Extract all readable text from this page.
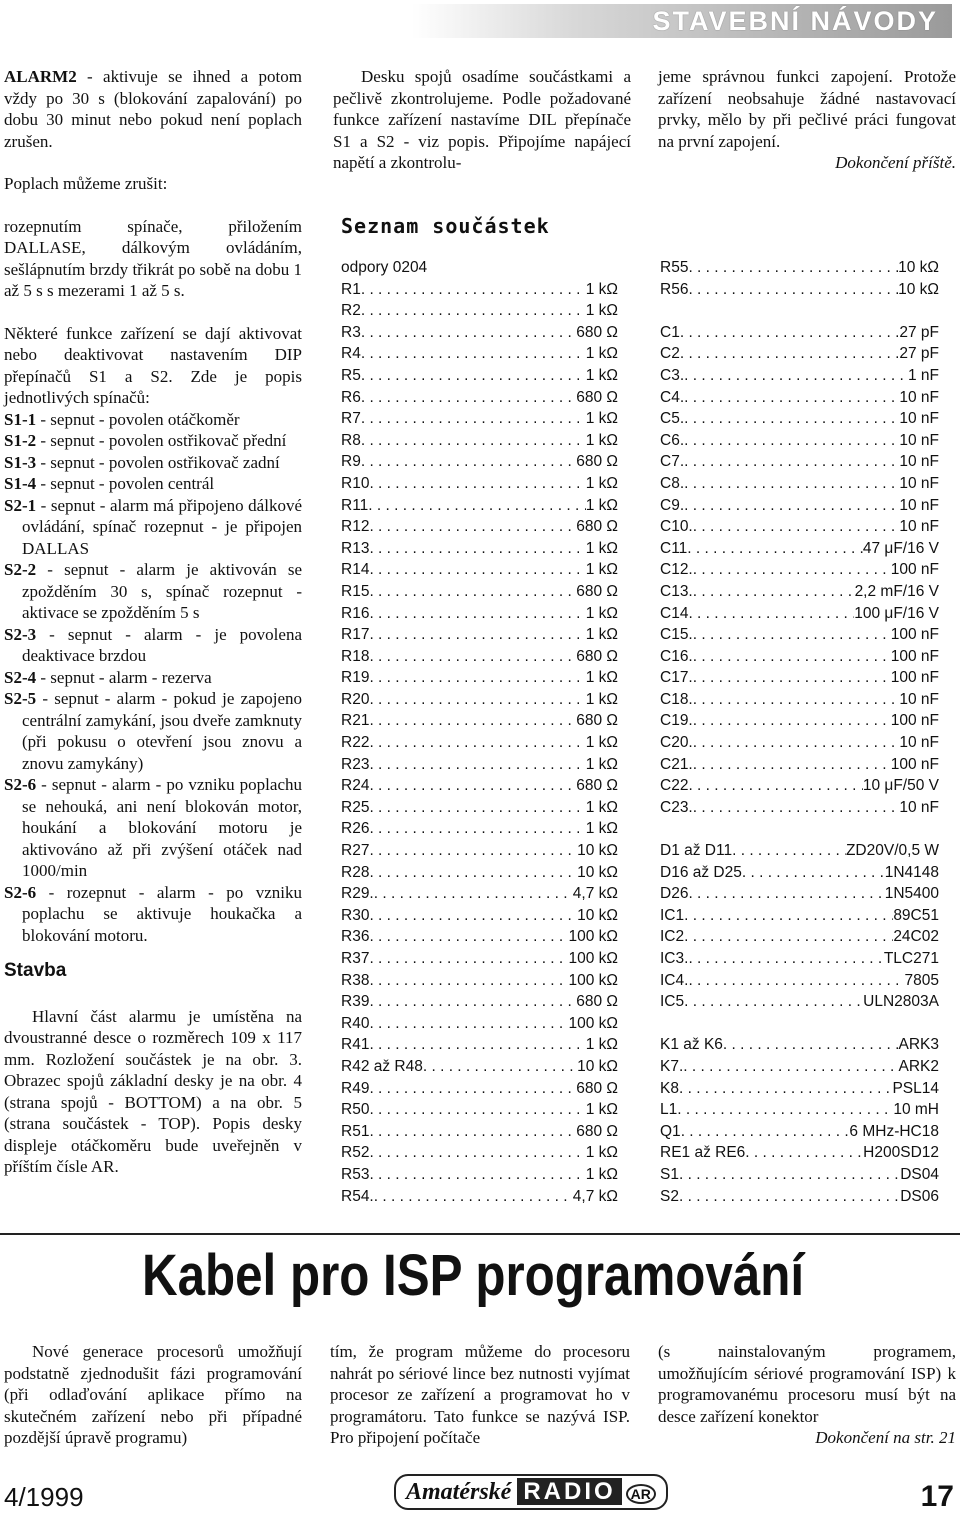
STAVEBNÍ NÁVODY

ALARM2 - aktivuje se ihned a potom vždy po 30 s (blokování zapalování) po dobu 30 minut nebo pokud není poplach zrušen.

Poplach můžeme zrušit:

rozepnutím spínače, přiložením DALLASE, dálkovým ovládáním, sešlápnutím brzdy třikrát po sobě na dobu 1 až 5 s s mezerami 1 až 5 s.

Některé funkce zařízení se dají aktivovat nebo deaktivovat nastavením DIP přepínačů S1 a S2. Zde je popis jednotlivých spínačů:

S1-1 - sepnut - povolen otáčkoměr

S1-2 - sepnut - povolen ostřikovač přední

S1-3 - sepnut - povolen ostřikovač zadní

S1-4 - sepnut - povolen centrál

S2-1 - sepnut - alarm má připojeno dálkové ovládání, spínač rozepnut - je připojen DALLAS

S2-2 - sepnut - alarm je aktivován se zpožděním 30 s, spínač rozepnut - aktivace se zpožděním 5 s

S2-3 - sepnut - alarm - je povolena deaktivace brzdou

S2-4 - sepnut - alarm - rezerva

S2-5 - sepnut - alarm - pokud je zapojeno centrální zamykání, jsou dveře zamknuty (při pokusu o otevření jsou znovu a znovu zamykány)

S2-6 - sepnut - alarm - po vzniku poplachu se nehouká, ani není blokován motor, houkání a blokování motoru je aktivováno až při zvýšení otáček nad 1000/min

S2-6 - rozepnut - alarm - po vzniku poplachu se aktivuje houkačka a blokování motoru.

Stavba

Hlavní část alarmu je umístěna na dvoustranné desce o rozměrech 109 x 117 mm. Rozložení součástek je na obr. 3. Obrazec spojů základní desky je na obr. 4 (strana spojů - BOTTOM) a na obr. 5 (strana součástek - TOP). Popis desky displeje otáčkoměru bude uveřejněn v příštím čísle AR.

Desku spojů osadíme součástkami a pečlivě zkontrolujeme. Podle požadované funkce zařízení nastavíme DIL přepínače S1 a S2 - viz popis. Připojíme napájecí napětí a zkontrolu-

jeme správnou funkci zapojení. Protože zařízení neobsahuje žádné nastavovací prvky, mělo by při pečlivé práci fungovat na první zapojení.

Dokončení příště.

Seznam součástek
odpory 0204
R1 . . .	1 kΩ
R2 . . .	1 kΩ
R3 . . .	680 Ω
R4 . . .	1 kΩ
R5 . . .	1 kΩ
R6 . . .	680 Ω
R7 . . .	1 kΩ
R8 . . .	1 kΩ
R9 . . .	680 Ω
R10 . . .	1 kΩ
R11 . . .	1 kΩ
R12 . . .	680 Ω
R13 . . .	1 kΩ
R14 . . .	1 kΩ
R15 . . .	680 Ω
R16 . . .	1 kΩ
R17 . . .	1 kΩ
R18 . . .	680 Ω
R19 . . .	1 kΩ
R20 . . .	1 kΩ
R21 . . .	680 Ω
R22 . . .	1 kΩ
R23 . . .	1 kΩ
R24 . . .	680 Ω
R25 . . .	1 kΩ
R26 . . .	1 kΩ
R27 . . .	10 kΩ
R28 . . .	10 kΩ
R29. . . .	4,7 kΩ
R30 . . .	10 kΩ
R36 . . .	100 kΩ
R37 . . .	100 kΩ
R38 . . .	100 kΩ
R39 . . .	680 Ω
R40 . . .	100 kΩ
R41 . . .	1 kΩ
R42 až R48 . . .	10 kΩ
R49 . . .	680 Ω
R50 . . .	1 kΩ
R51 . . .	680 Ω
R52 . . .	1 kΩ
R53 . . .	1 kΩ
R54. . . .	4,7 kΩ
R55 . . .	10 kΩ
R56 . . .	10 kΩ
C1 . . .	27 pF
C2 . . .	27 pF
C3. . . .	1 nF
C4. . . .	10 nF
C5. . . .	10 nF
C6. . . .	10 nF
C7. . . .	10 nF
C8. . . .	10 nF
C9. . . .	10 nF
C10. . . .	10 nF
C11 . . .	47 μF/16 V
C12. . . .	100 nF
C13. . . .	2,2 mF/16 V
C14 . . .	100 μF/16 V
C15. . . .	100 nF
C16. . . .	100 nF
C17. . . .	100 nF
C18. . . .	10 nF
C19. . . .	100 nF
C20. . . .	10 nF
C21. . . .	100 nF
C22 . . .	10 μF/50 V
C23. . . .	10 nF
D1 až D11 . . .	ZD20V/0,5 W
D16 až D25 . . .	1N4148
D26 . . .	1N5400
IC1 . . .	89C51
IC2 . . .	24C02
IC3. . . .	TLC271
IC4. . . .	7805
IC5 . . .	ULN2803A
K1 až K6 . . .	ARK3
K7. . . .	ARK2
K8 . . .	PSL14
L1 . . .	10 mH
Q1 . . .	6 MHz-HC18
RE1 až RE6 . . .	H200SD12
S1 . . .	DS04
S2 . . .	DS06
Kabel pro ISP programování

Nové generace procesorů umožňují podstatně zjednodušit fázi programování (při odlaďování aplikace přímo na skutečném zařízení nebo při případné pozdější úpravě programu)

tím, že program můžeme do procesoru nahrát po sériové lince bez nutnosti vyjímat procesor ze zařízení a programovat ho v programátoru. Tato funkce se nazývá ISP. Pro připojení počítače

(s nainstalovaným programem, umožňujícím sériové programování ISP) k programovanému procesoru musí být na desce zařízení konektor

Dokončení na str. 21

4/1999	Amatérské RADIO AR	17
